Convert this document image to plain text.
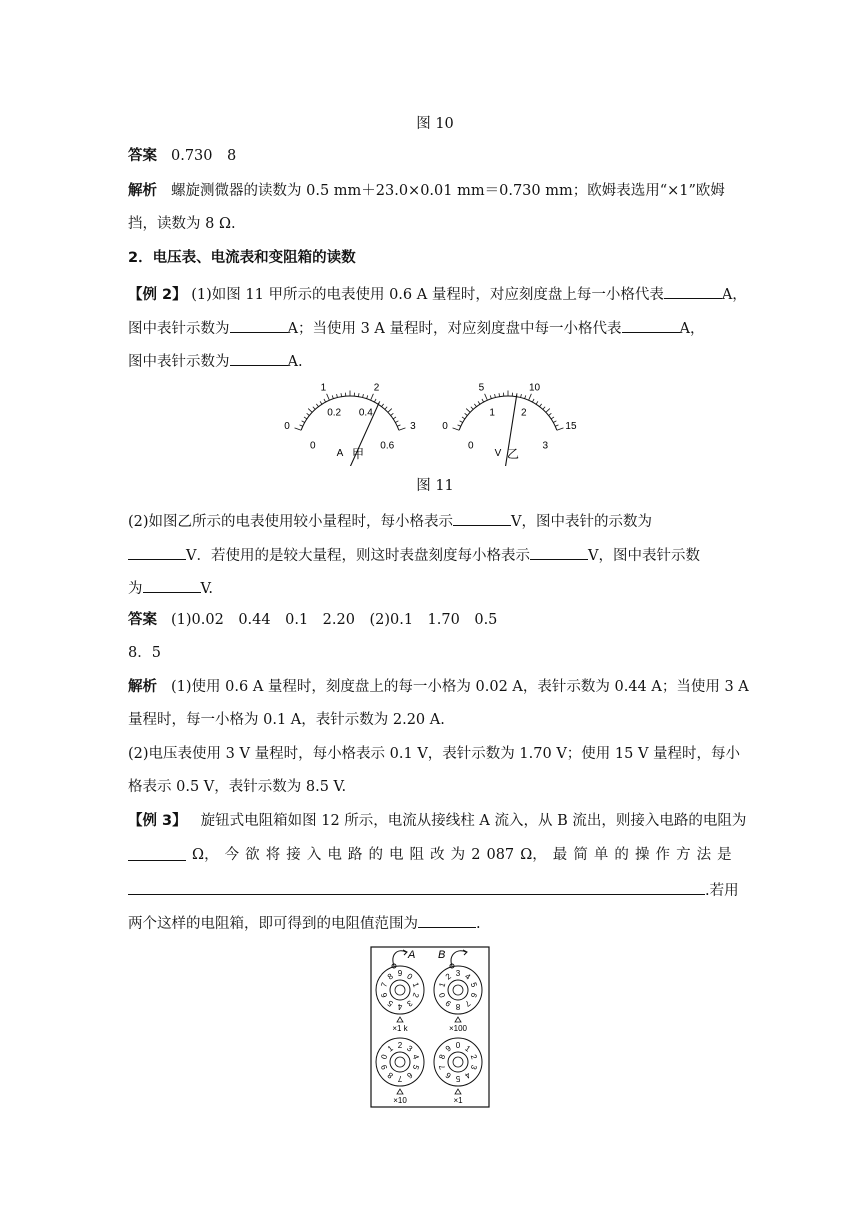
图 10
答案 0.730　8
解析 螺旋测微器的读数为 0.5 mm＋23.0×0.01 mm＝0.730 mm；欧姆表选用“×1”欧姆
挡，读数为 8 Ω.
2．电压表、电流表和变阻箱的读数
【例 2】 (1)如图 11 甲所示的电表使用 0.6 A 量程时，对应刻度盘上每一小格代表	A，
图中表针示数为	A；当使用 3 A 量程时，对应刻度盘中每一小格代表	A，
图中表针示数为	A.
0
1	2
3
0.2 0.4
0	0.6
A 甲
0
5	10
15
1	2
0	3
V 乙
图 11
(2)如图乙所示的电表使用较小量程时，每小格表示	V，图中表针的示数为
V．若使用的是较大量程，则这时表盘刻度每小格表示	V，图中表针示数
为	V.
答案 (1)0.02　0.44　0.1　2.20　(2)0.1　1.70　0.5
8．5
解析 (1)使用 0.6 A 量程时，刻度盘上的每一小格为 0.02 A，表针示数为 0.44 A；当使用 3 A
量程时，每一小格为 0.1 A，表针示数为 2.20 A.
(2)电压表使用 3 V 量程时，每小格表示 0.1 V，表针示数为 1.70 V；使用 15 V 量程时，每小
格表示 0.5 V，表针示数为 8.5 V.
【例 3】 旋钮式电阻箱如图 12 所示，电流从接线柱 A 流入，从 B 流出，则接入电路的电阻为
Ω， 今 欲 将 接 入 电 路 的 电 阻 改 为 2 087 Ω， 最 简 单 的 操 作 方 法 是
.若用
两个这样的电阻箱，即可得到的电阻值范围为	.
A B
9 0
1
2
3
4
5
6
7
8
×1 k
3 4
5
6
7
8
9
0
1
2
×100
2 3
4
5
6
7
8
9
0
1
×10
0 1
2
3
4
5
6
7
8
9
×1
